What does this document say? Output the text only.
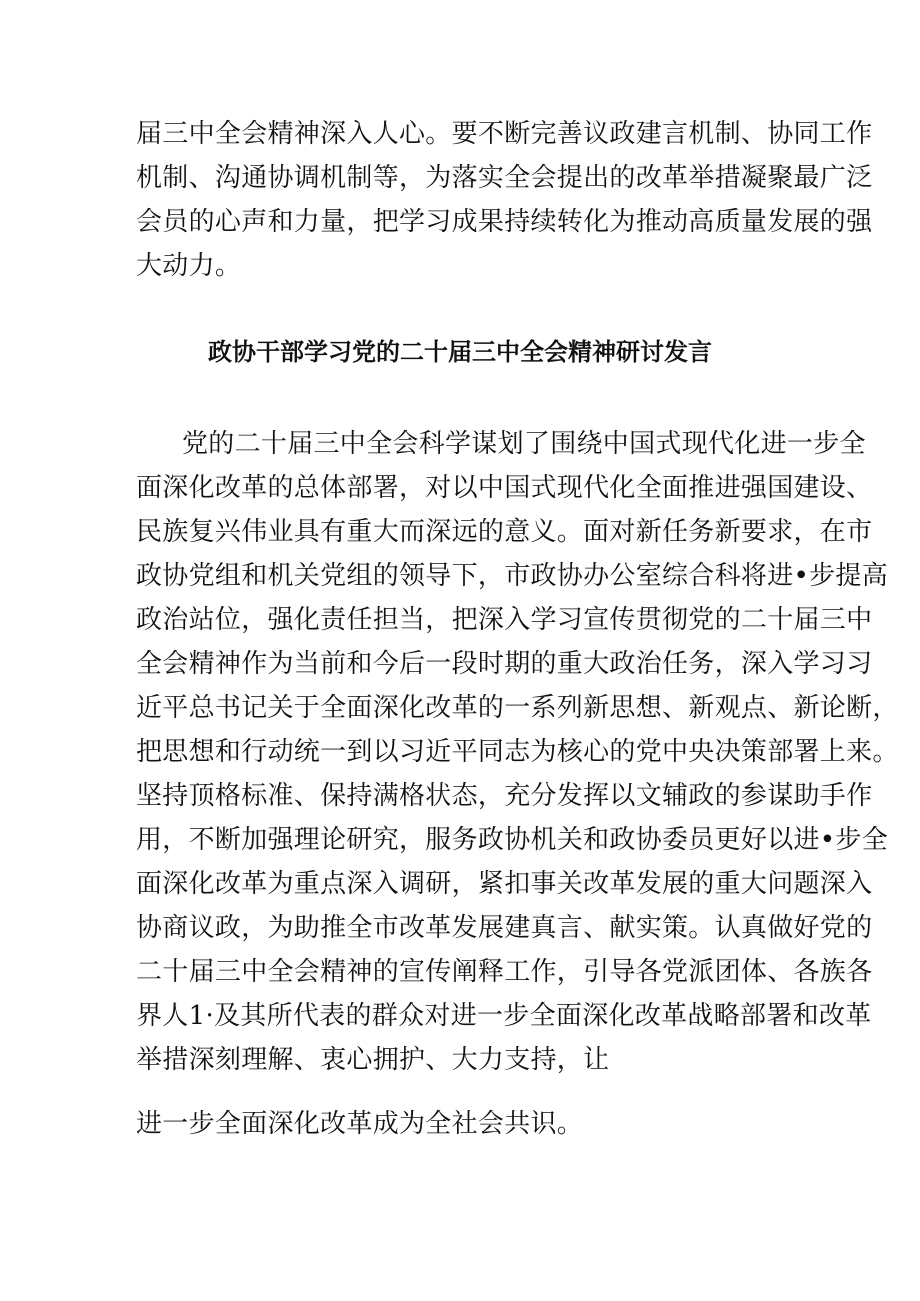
届三中全会精神深入人心。要不断完善议政建言机制、协同工作
机制、沟通协调机制等，为落实全会提出的改革举措凝聚最广泛
会员的心声和力量，把学习成果持续转化为推动高质量发展的强
大动力。
政协干部学习党的二十届三中全会精神研讨发言
党的二十届三中全会科学谋划了围绕中国式现代化进一步全
面深化改革的总体部署，对以中国式现代化全面推进强国建设、
民族复兴伟业具有重大而深远的意义。面对新任务新要求，在市
政协党组和机关党组的领导下，市政协办公室综合科将进•步提高
政治站位，强化责任担当，把深入学习宣传贯彻党的二十届三中
全会精神作为当前和今后一段时期的重大政治任务，深入学习习
近平总书记关于全面深化改革的一系列新思想、新观点、新论断，
把思想和行动统一到以习近平同志为核心的党中央决策部署上来。
坚持顶格标准、保持满格状态，充分发挥以文辅政的参谋助手作
用，不断加强理论研究，服务政协机关和政协委员更好以进•步全
面深化改革为重点深入调研，紧扣事关改革发展的重大问题深入
协商议政，为助推全市改革发展建真言、献实策。认真做好党的
二十届三中全会精神的宣传阐释工作，引导各党派团体、各族各
界人1·及其所代表的群众对进一步全面深化改革战略部署和改革
举措深刻理解、衷心拥护、大力支持，让
进一步全面深化改革成为全社会共识。
